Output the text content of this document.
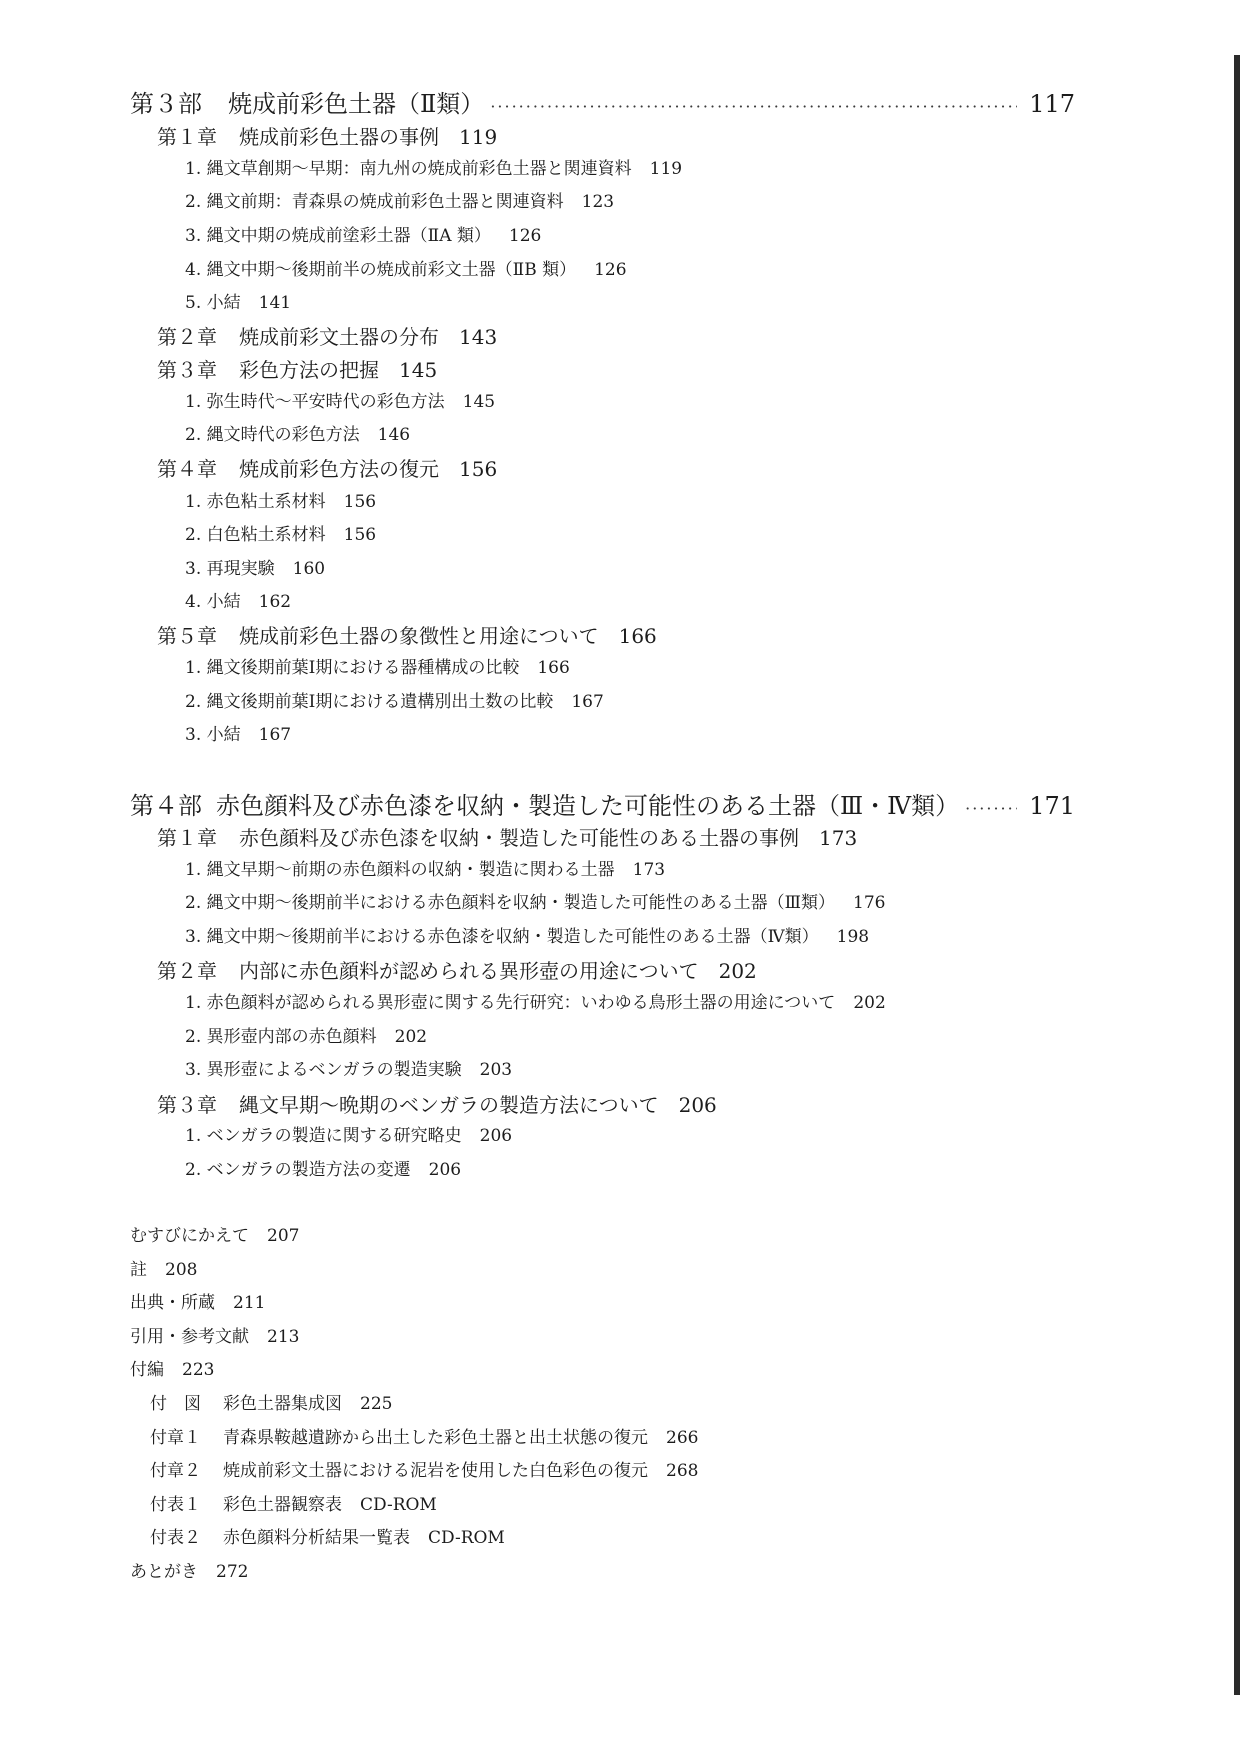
第３部 焼成前彩色土器（Ⅱ類） ·····	117
第１章 焼成前彩色土器の事例 119
1. 縄文草創期～早期：南九州の焼成前彩色土器と関連資料 119
2. 縄文前期：青森県の焼成前彩色土器と関連資料 123
3. 縄文中期の焼成前塗彩土器（ⅡA 類） 126
4. 縄文中期～後期前半の焼成前彩文土器（ⅡB 類） 126
5. 小結 141
第２章 焼成前彩文土器の分布 143
第３章 彩色方法の把握 145
1. 弥生時代～平安時代の彩色方法 145
2. 縄文時代の彩色方法 146
第４章 焼成前彩色方法の復元 156
1. 赤色粘土系材料 156
2. 白色粘土系材料 156
3. 再現実験 160
4. 小結 162
第５章 焼成前彩色土器の象徴性と用途について 166
1. 縄文後期前葉Ⅰ期における器種構成の比較 166
2. 縄文後期前葉Ⅰ期における遺構別出土数の比較 167
3. 小結 167
第４部 赤色顔料及び赤色漆を収納・製造した可能性のある土器（Ⅲ・Ⅳ類） ·····	171
第１章 赤色顔料及び赤色漆を収納・製造した可能性のある土器の事例 173
1. 縄文早期～前期の赤色顔料の収納・製造に関わる土器 173
2. 縄文中期～後期前半における赤色顔料を収納・製造した可能性のある土器（Ⅲ類） 176
3. 縄文中期～後期前半における赤色漆を収納・製造した可能性のある土器（Ⅳ類） 198
第２章 内部に赤色顔料が認められる異形壺の用途について 202
1. 赤色顔料が認められる異形壺に関する先行研究：いわゆる鳥形土器の用途について 202
2. 異形壺内部の赤色顔料 202
3. 異形壺によるベンガラの製造実験 203
第３章 縄文早期～晩期のベンガラの製造方法について 206
1. ベンガラの製造に関する研究略史 206
2. ベンガラの製造方法の変遷 206
むすびにかえて 207
註 208
出典・所蔵 211
引用・参考文献 213
付編 223
付　図 彩色土器集成図 225
付章１ 青森県鞍越遺跡から出土した彩色土器と出土状態の復元 266
付章２ 焼成前彩文土器における泥岩を使用した白色彩色の復元 268
付表１ 彩色土器観察表 CD-ROM
付表２ 赤色顔料分析結果一覧表 CD-ROM
あとがき 272
